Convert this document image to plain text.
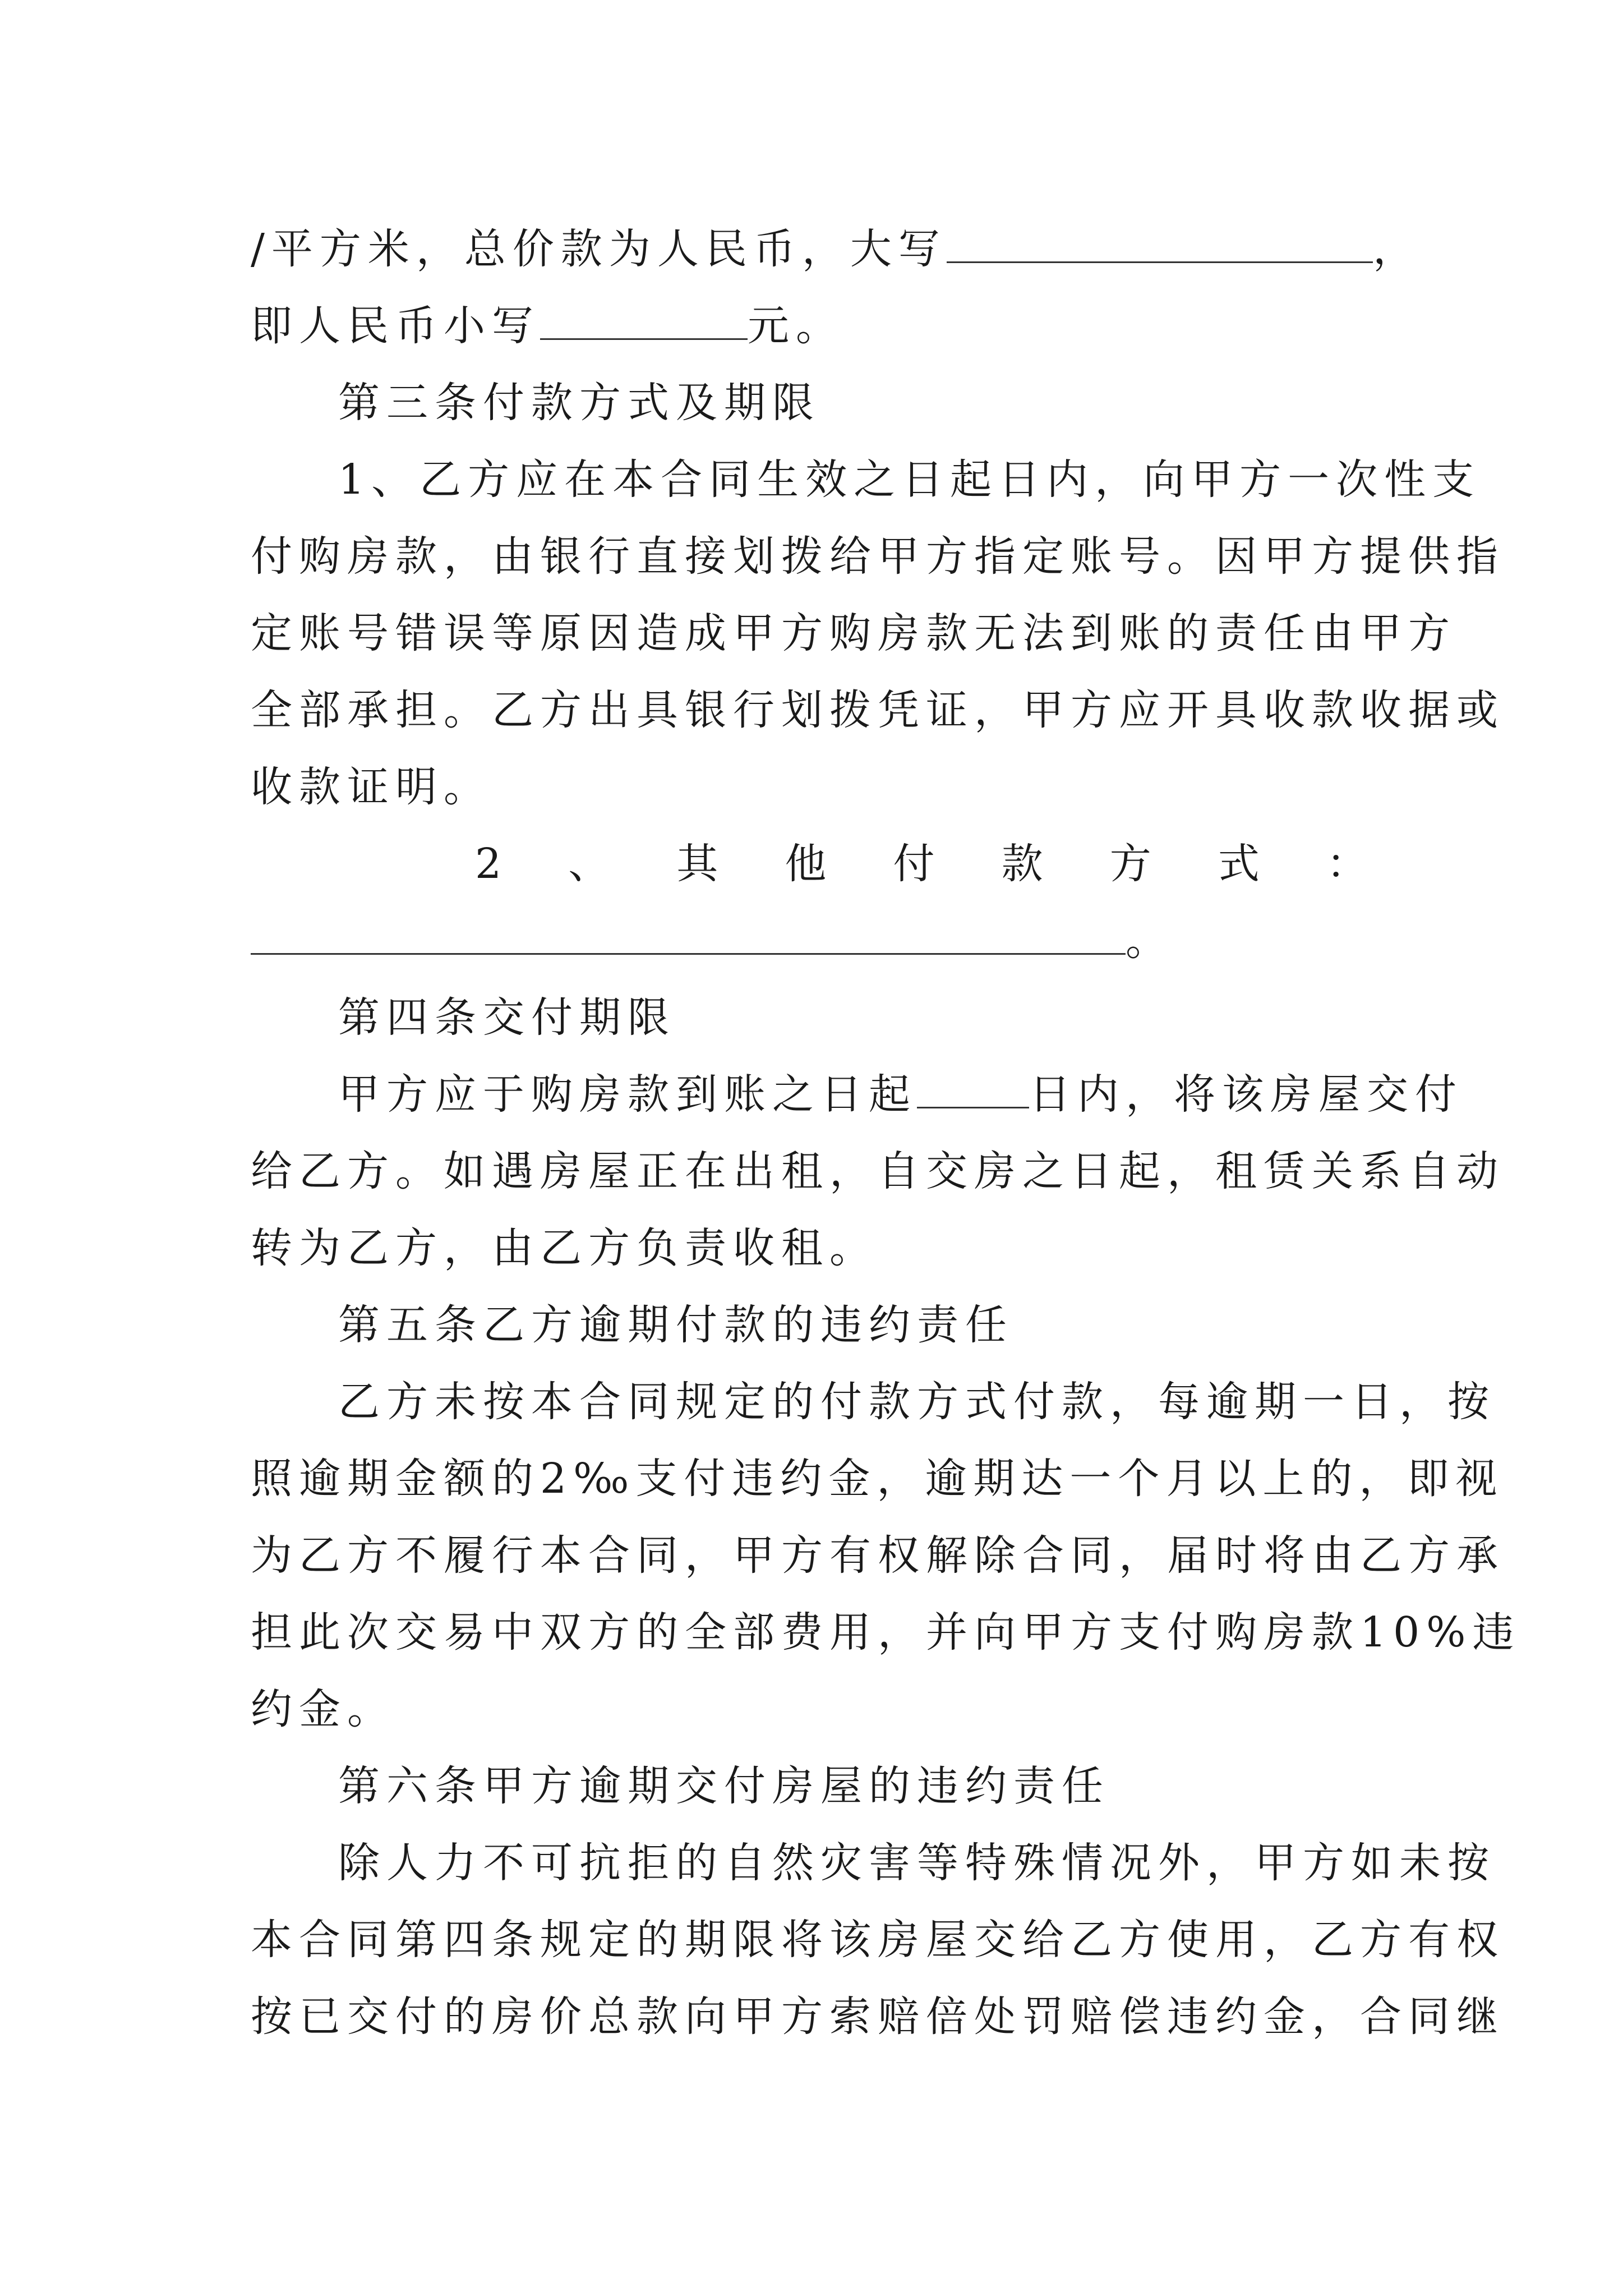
/平方米，总价款为人民币，大写	，
即人民币小写	元。
第三条付款方式及期限
1、乙方应在本合同生效之日起日内，向甲方一次性支
付购房款，由银行直接划拨给甲方指定账号。因甲方提供指
定账号错误等原因造成甲方购房款无法到账的责任由甲方
全部承担。乙方出具银行划拨凭证，甲方应开具收款收据或
收款证明。
2 、 其 他 付 款 方 式 ：
。
第四条交付期限
甲方应于购房款到账之日起	日内，将该房屋交付
给乙方。如遇房屋正在出租，自交房之日起，租赁关系自动
转为乙方，由乙方负责收租。
第五条乙方逾期付款的违约责任
乙方未按本合同规定的付款方式付款，每逾期一日，按
照逾期金额的2‰支付违约金，逾期达一个月以上的，即视
为乙方不履行本合同，甲方有权解除合同，届时将由乙方承
担此次交易中双方的全部费用，并向甲方支付购房款10%违
约金。
第六条甲方逾期交付房屋的违约责任
除人力不可抗拒的自然灾害等特殊情况外，甲方如未按
本合同第四条规定的期限将该房屋交给乙方使用，乙方有权
按已交付的房价总款向甲方索赔倍处罚赔偿违约金，合同继
